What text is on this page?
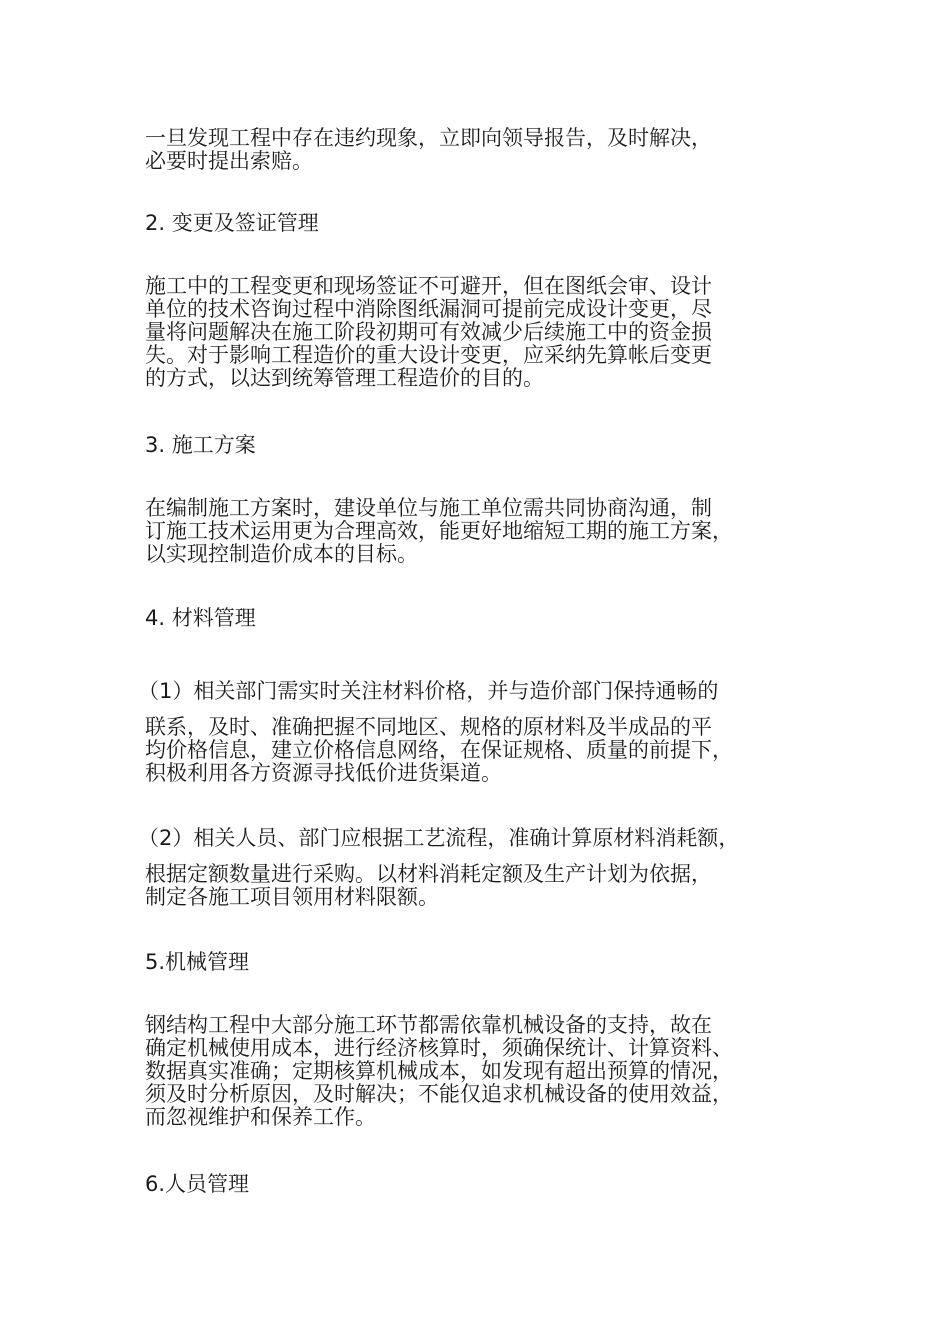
一旦发现工程中存在违约现象，立即向领导报告，及时解决，
必要时提出索赔。
2. 变更及签证管理
施工中的工程变更和现场签证不可避开，但在图纸会审、设计
单位的技术咨询过程中消除图纸漏洞可提前完成设计变更，尽
量将问题解决在施工阶段初期可有效减少后续施工中的资金损
失。对于影响工程造价的重大设计变更，应采纳先算帐后变更
的方式，以达到统筹管理工程造价的目的。
3. 施工方案
在编制施工方案时，建设单位与施工单位需共同协商沟通，制
订施工技术运用更为合理高效，能更好地缩短工期的施工方案，
以实现控制造价成本的目标。
4. 材料管理
（1）相关部门需实时关注材料价格，并与造价部门保持通畅的
联系，及时、准确把握不同地区、规格的原材料及半成品的平
均价格信息，建立价格信息网络，在保证规格、质量的前提下，
积极利用各方资源寻找低价进货渠道。
（2）相关人员、部门应根据工艺流程，准确计算原材料消耗额，
根据定额数量进行采购。以材料消耗定额及生产计划为依据，
制定各施工项目领用材料限额。
5.机械管理
钢结构工程中大部分施工环节都需依靠机械设备的支持，故在
确定机械使用成本，进行经济核算时，须确保统计、计算资料、
数据真实准确；定期核算机械成本，如发现有超出预算的情况，
须及时分析原因，及时解决；不能仅追求机械设备的使用效益，
而忽视维护和保养工作。
6.人员管理
